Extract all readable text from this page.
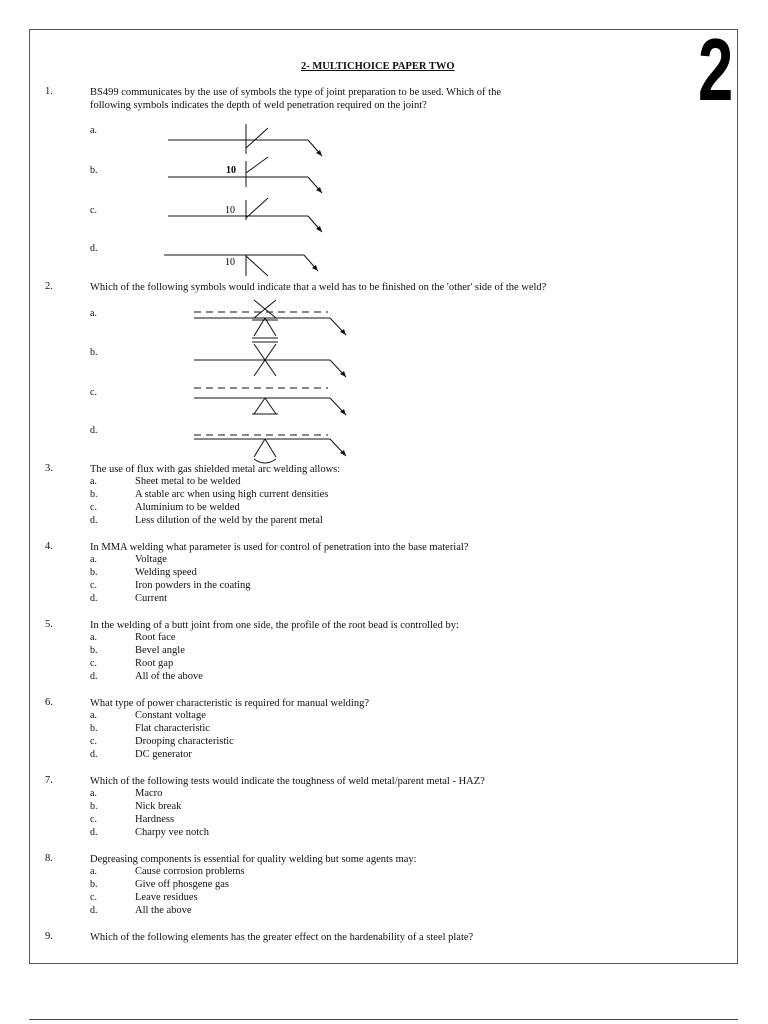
2
2- MULTICHOICE PAPER TWO
1.	BS499 communicates by the use of symbols the type of joint preparation to be used. Which of the following symbols indicates the depth of weld penetration required on the joint?
a.
b.	10
c.	10
d.
10
2.	Which of the following symbols would indicate that a weld has to be finished on the 'other' side of the weld?
a.
b.
c.
d.
3.	The use of flux with gas shielded metal arc welding allows:
a.	Sheet metal to be welded
b.	A stable arc when using high current densities
c.	Aluminium to be welded
d.	Less dilution of the weld by the parent metal
4.	In MMA welding what parameter is used for control of penetration into the base material?
a.	Voltage
b.	Welding speed
c.	Iron powders in the coating
d.	Current
5.	In the welding of a butt joint from one side, the profile of the root bead is controlled by:
a.	Root face
b.	Bevel angle
c.	Root gap
d.	All of the above
6.	What type of power characteristic is required for manual welding?
a.	Constant voltage
b.	Flat characteristic
c.	Drooping characteristic
d.	DC generator
7.	Which of the following tests would indicate the toughness of weld metal/parent metal - HAZ?
a.	Macro
b.	Nick break
c.	Hardness
d.	Charpy vee notch
8.	Degreasing components is essential for quality welding but some agents may:
a.	Cause corrosion problems
b.	Give off phosgene gas
c.	Leave residues
d.	All the above
9.	Which of the following elements has the greater effect on the hardenability of a steel plate?
